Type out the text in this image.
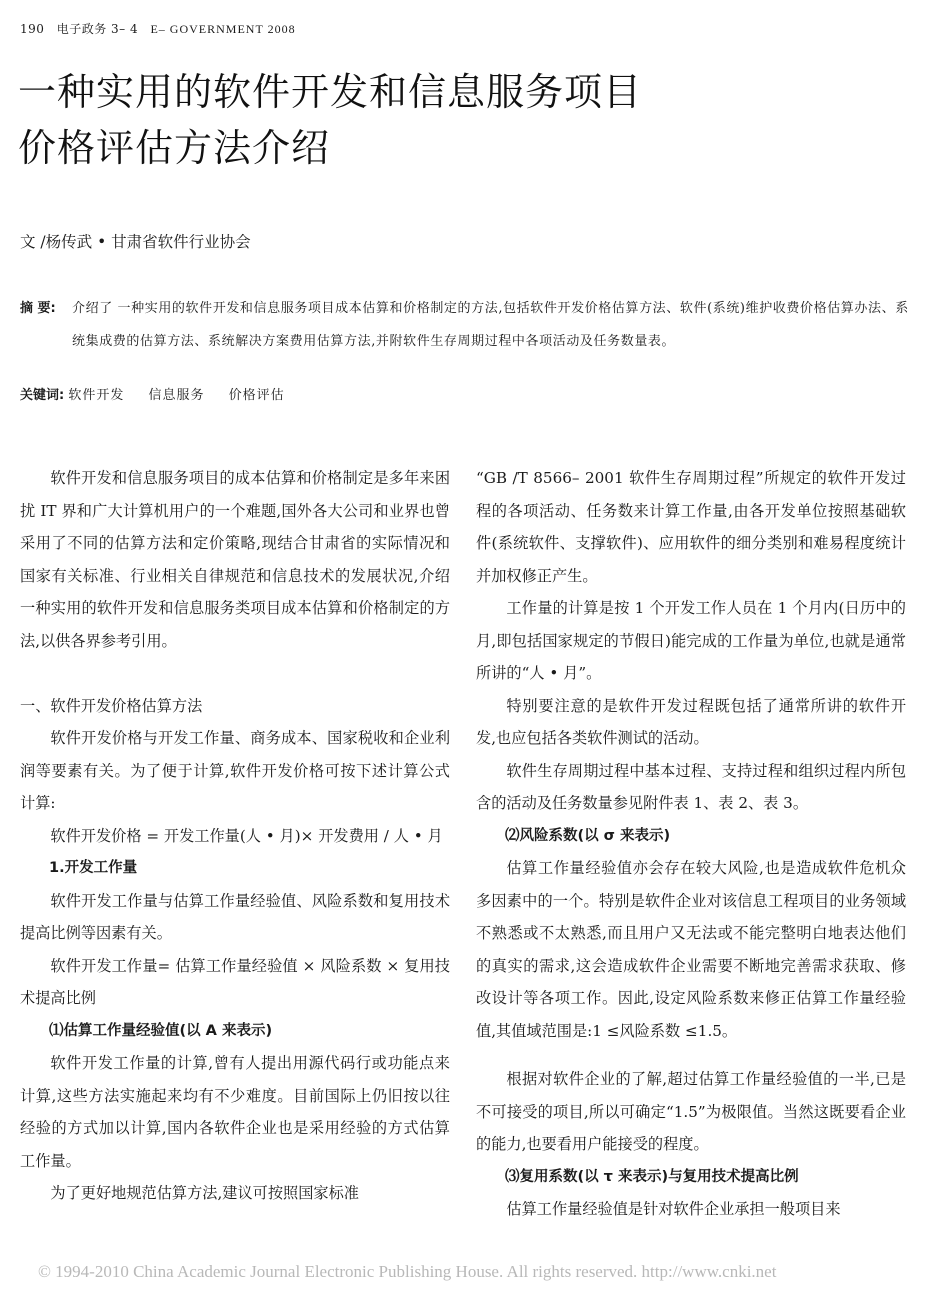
190 电子政务 3– 4 E– GOVERNMENT 2008
一种实用的软件开发和信息服务项目
价格评估方法介绍
文 /杨传武 • 甘肃省软件行业协会
摘 要: 介绍了 一种实用的软件开发和信息服务项目成本估算和价格制定的方法,包括软件开发价格估算方法、软件(系统)维护收费价格估算办法、系统集成费的估算方法、系统解决方案费用估算方法,并附软件生存周期过程中各项活动及任务数量表。
关键词: 软件开发 信息服务 价格评估

软件开发和信息服务项目的成本估算和价格制定是多年来困扰 IT 界和广大计算机用户的一个难题,国外各大公司和业界也曾采用了不同的估算方法和定价策略,现结合甘肃省的实际情况和国家有关标准、行业相关自律规范和信息技术的发展状况,介绍一种实用的软件开发和信息服务类项目成本估算和价格制定的方法,以供各界参考引用。

一、软件开发价格估算方法

软件开发价格与开发工作量、商务成本、国家税收和企业利润等要素有关。为了便于计算,软件开发价格可按下述计算公式计算:

软件开发价格 = 开发工作量(人 • 月)× 开发费用 / 人 • 月

1.开发工作量

软件开发工作量与估算工作量经验值、风险系数和复用技术提高比例等因素有关。

软件开发工作量= 估算工作量经验值 × 风险系数 × 复用技术提高比例

⑴估算工作量经验值(以 A 来表示)

软件开发工作量的计算,曾有人提出用源代码行或功能点来计算,这些方法实施起来均有不少难度。目前国际上仍旧按以往经验的方式加以计算,国内各软件企业也是采用经验的方式估算工作量。

为了更好地规范估算方法,建议可按照国家标准

“GB /T 8566– 2001 软件生存周期过程”所规定的软件开发过程的各项活动、任务数来计算工作量,由各开发单位按照基础软件(系统软件、支撑软件)、应用软件的细分类别和难易程度统计并加权修正产生。

工作量的计算是按 1 个开发工作人员在 1 个月内(日历中的月,即包括国家规定的节假日)能完成的工作量为单位,也就是通常所讲的“人 • 月”。

特别要注意的是软件开发过程既包括了通常所讲的软件开发,也应包括各类软件测试的活动。

软件生存周期过程中基本过程、支持过程和组织过程内所包含的活动及任务数量参见附件表 1、表 2、表 3。

⑵风险系数(以 σ 来表示)

估算工作量经验值亦会存在较大风险,也是造成软件危机众多因素中的一个。特别是软件企业对该信息工程项目的业务领域不熟悉或不太熟悉,而且用户又无法或不能完整明白地表达他们的真实的需求,这会造成软件企业需要不断地完善需求获取、修改设计等各项工作。因此,设定风险系数来修正估算工作量经验值,其值域范围是:1 ≤风险系数 ≤1.5。

根据对软件企业的了解,超过估算工作量经验值的一半,已是不可接受的项目,所以可确定“1.5”为极限值。当然这既要看企业的能力,也要看用户能接受的程度。

⑶复用系数(以 τ 来表示)与复用技术提高比例

估算工作量经验值是针对软件企业承担一般项目来

© 1994-2010 China Academic Journal Electronic Publishing House. All rights reserved. http://www.cnki.net
